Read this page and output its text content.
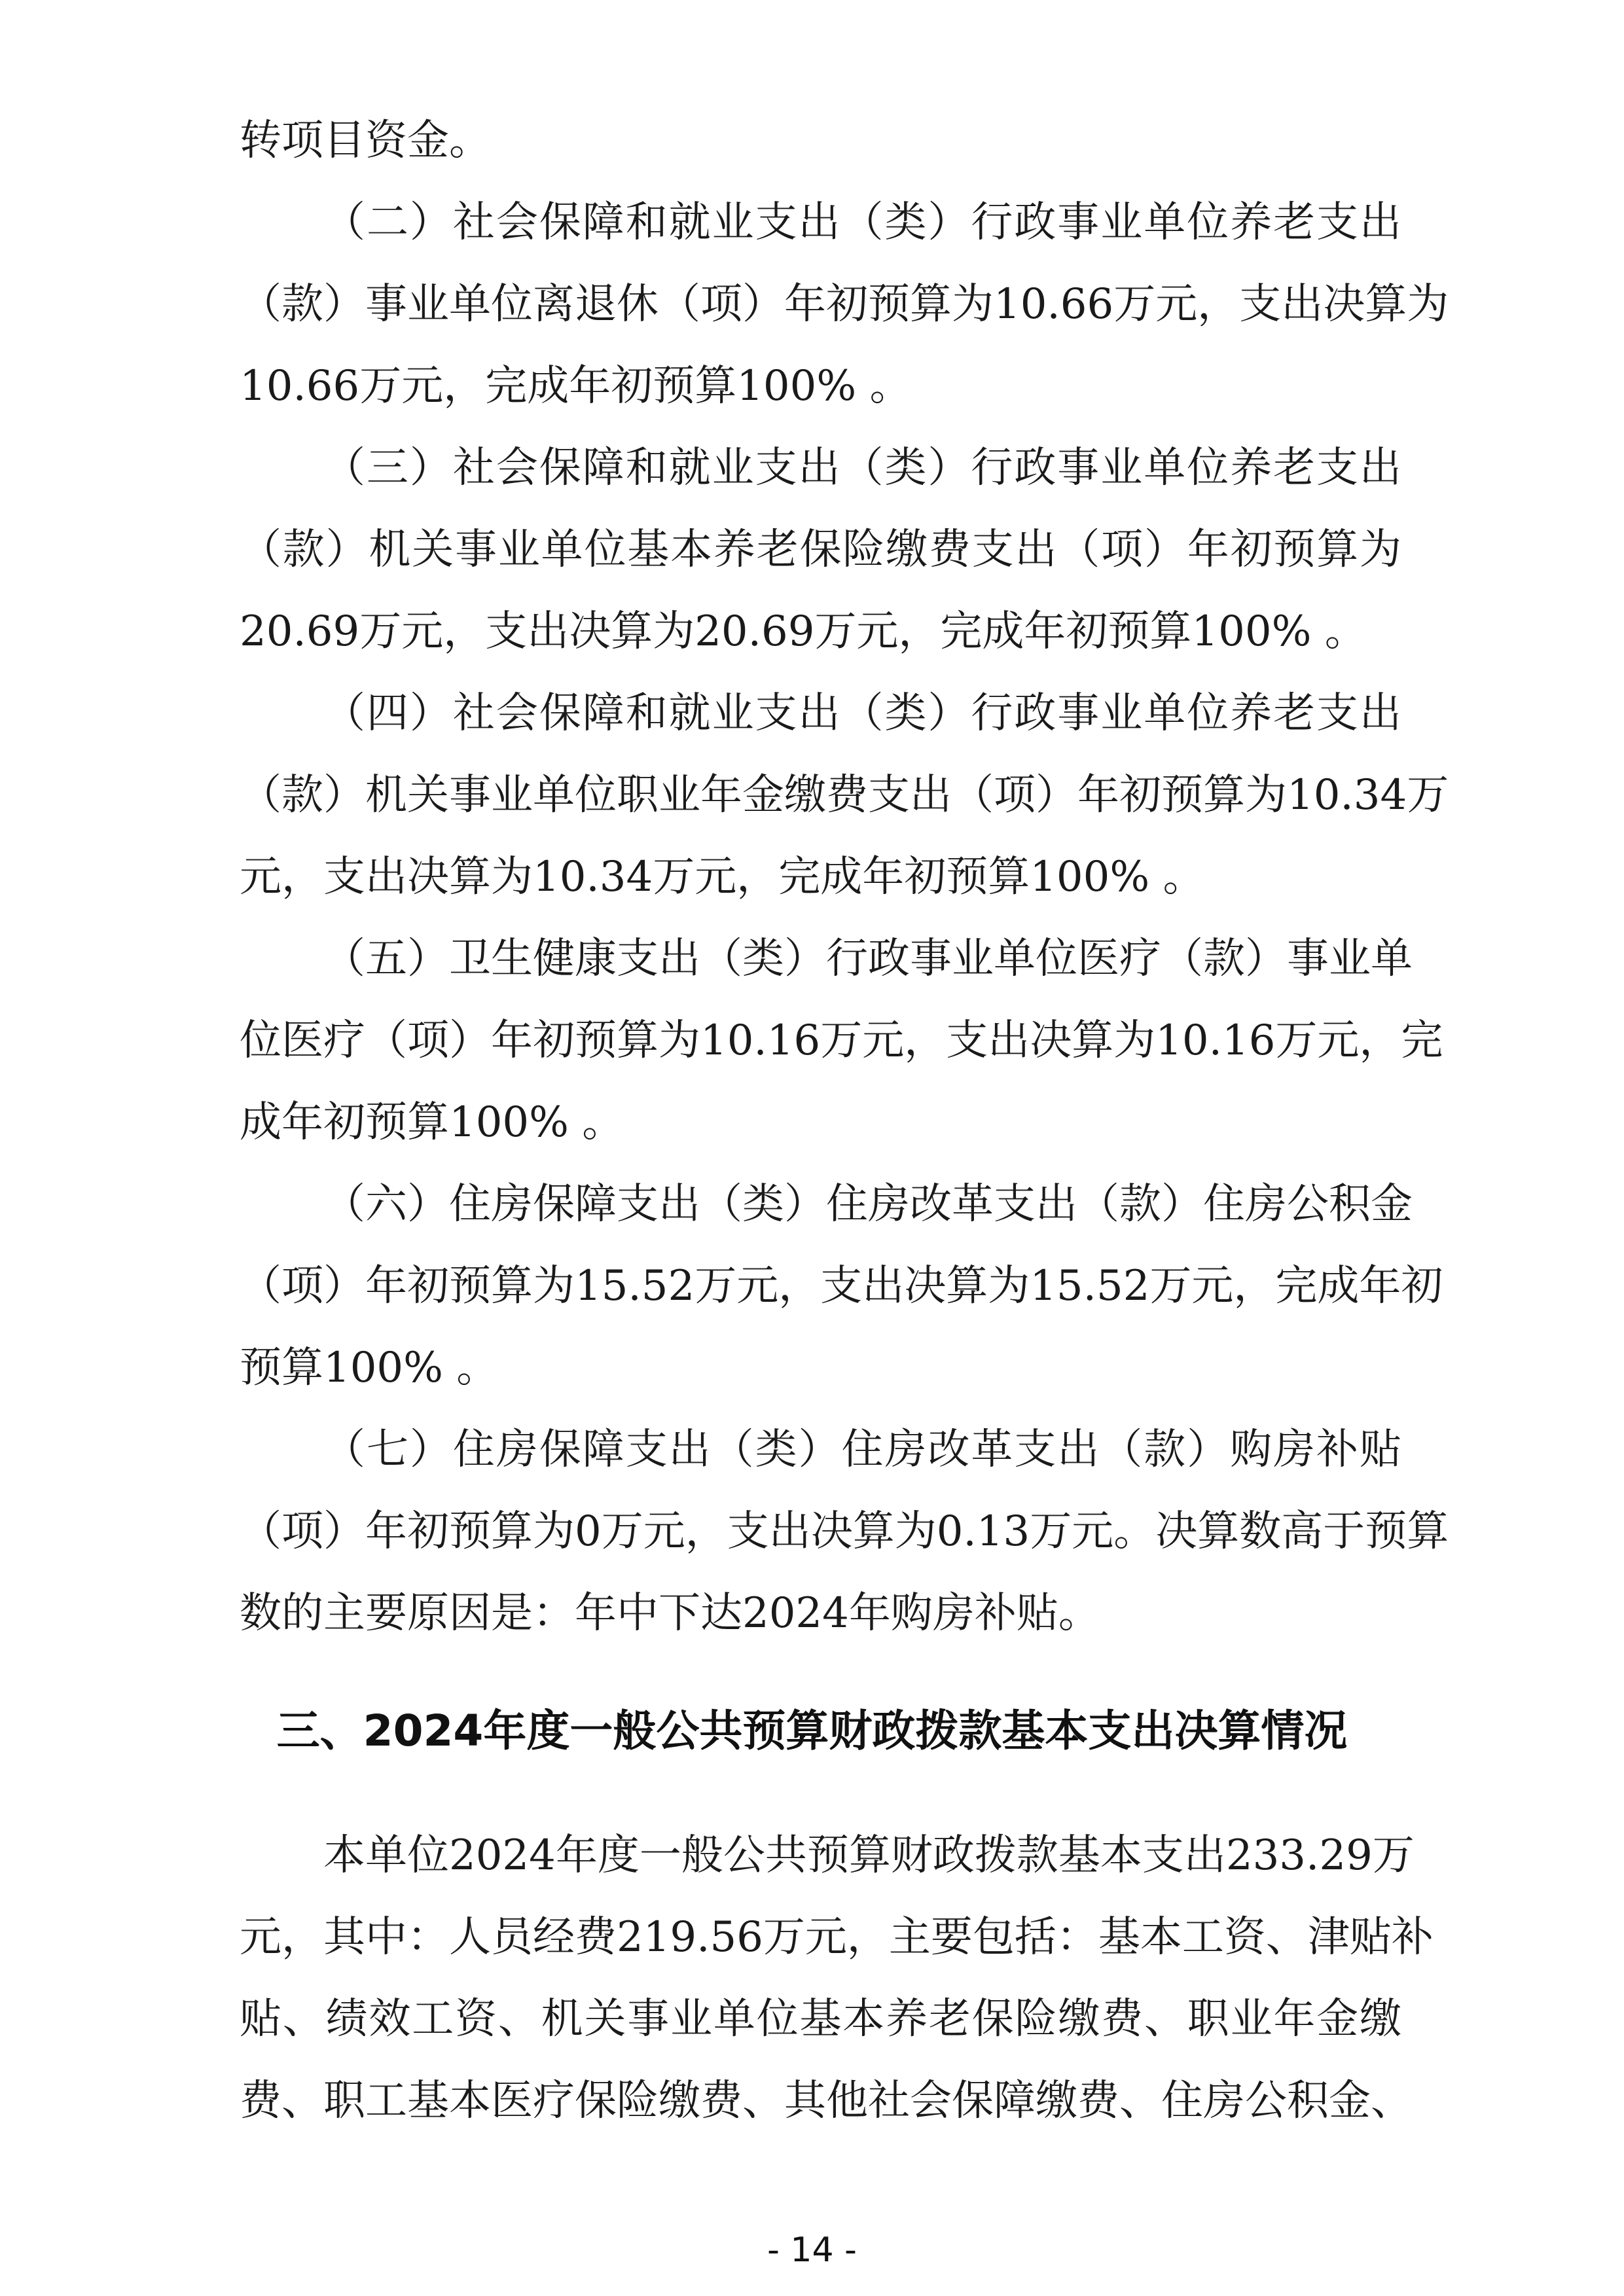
转项目资金。
（二）社会保障和就业支出（类）行政事业单位养老支出
（款）事业单位离退休（项）年初预算为10.66万元，支出决算为
10.66万元，完成年初预算100% 。
（三）社会保障和就业支出（类）行政事业单位养老支出
（款）机关事业单位基本养老保险缴费支出（项）年初预算为
20.69万元，支出决算为20.69万元，完成年初预算100% 。
（四）社会保障和就业支出（类）行政事业单位养老支出
（款）机关事业单位职业年金缴费支出（项）年初预算为10.34万
元，支出决算为10.34万元，完成年初预算100% 。
（五）卫生健康支出（类）行政事业单位医疗（款）事业单
位医疗（项）年初预算为10.16万元，支出决算为10.16万元，完
成年初预算100% 。
（六）住房保障支出（类）住房改革支出（款）住房公积金
（项）年初预算为15.52万元，支出决算为15.52万元，完成年初
预算100% 。
（七）住房保障支出（类）住房改革支出（款）购房补贴
（项）年初预算为0万元，支出决算为0.13万元。决算数高于预算
数的主要原因是：年中下达2024年购房补贴。
三、2024年度一般公共预算财政拨款基本支出决算情况
本单位2024年度一般公共预算财政拨款基本支出233.29万
元，其中：人员经费219.56万元，主要包括：基本工资、津贴补
贴、绩效工资、机关事业单位基本养老保险缴费、职业年金缴
费、职工基本医疗保险缴费、其他社会保障缴费、住房公积金、
- 14 -
